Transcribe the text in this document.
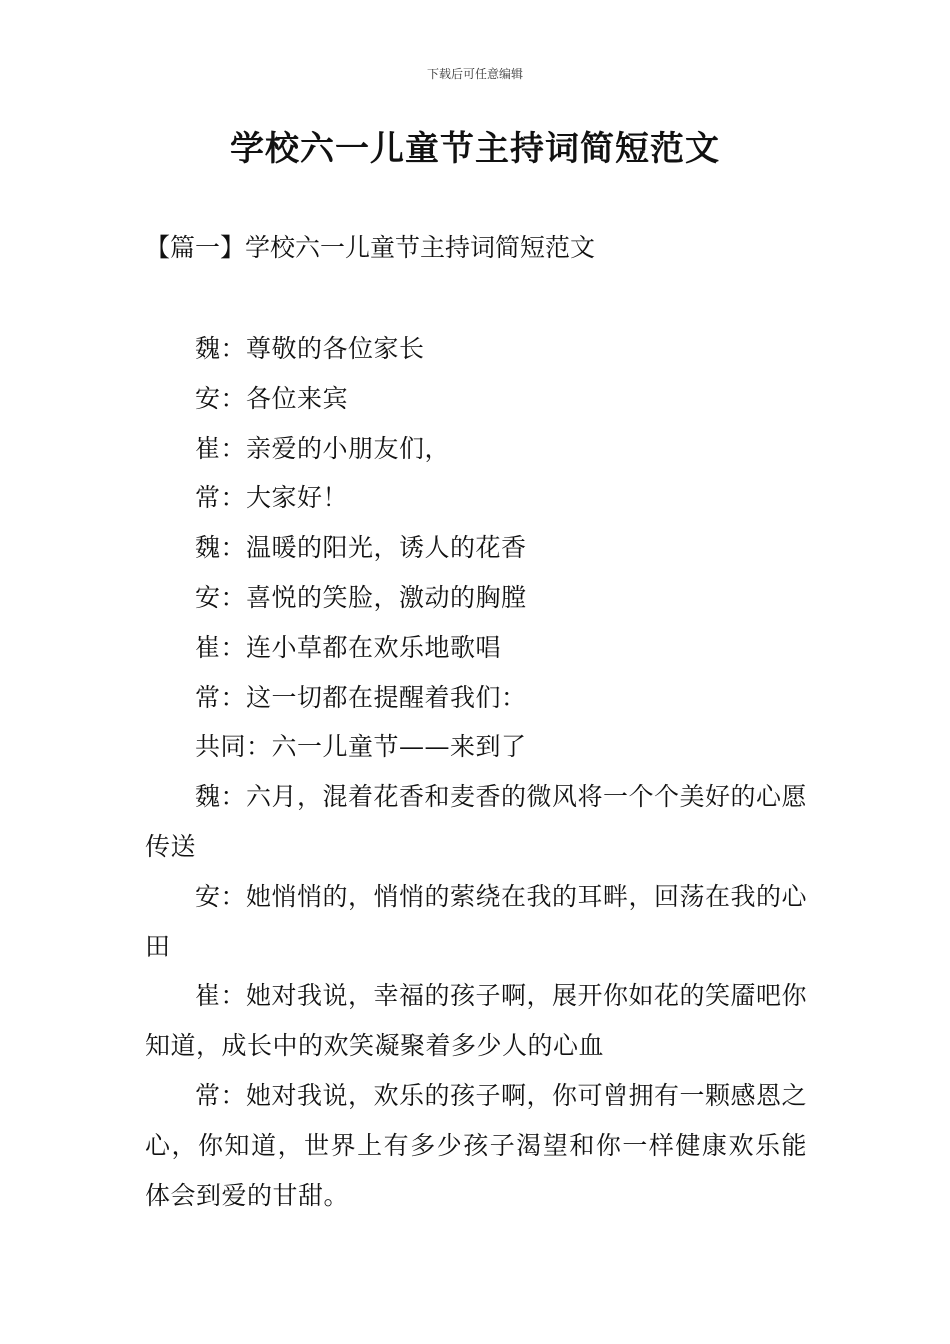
下载后可任意编辑
学校六一儿童节主持词简短范文
【篇一】学校六一儿童节主持词简短范文

魏：尊敬的各位家长

安：各位来宾

崔：亲爱的小朋友们，

常：大家好！

魏：温暖的阳光，诱人的花香

安：喜悦的笑脸，激动的胸膛

崔：连小草都在欢乐地歌唱

常：这一切都在提醒着我们：

共同：六一儿童节——来到了

魏：六月，混着花香和麦香的微风将一个个美好的心愿传送

安：她悄悄的，悄悄的萦绕在我的耳畔，回荡在我的心田

崔：她对我说，幸福的孩子啊，展开你如花的笑靥吧你知道，成长中的欢笑凝聚着多少人的心血

常：她对我说，欢乐的孩子啊，你可曾拥有一颗感恩之心，你知道，世界上有多少孩子渴望和你一样健康欢乐能体会到爱的甘甜。
